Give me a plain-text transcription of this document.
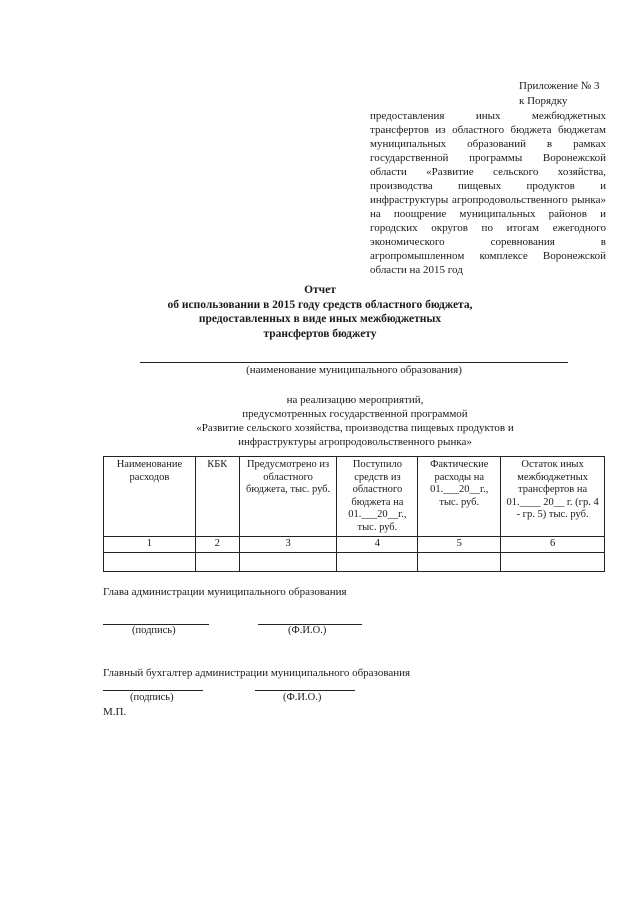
Приложение № 3
к Порядку
предоставления иных межбюджетных трансфертов из областного бюджета бюджетам муниципальных образований в рамках государственной программы Воронежской области «Развитие сельского хозяйства, производства пищевых продуктов и инфраструктуры агропродовольственного рынка» на поощрение муниципальных районов и городских округов по итогам ежегодного экономического соревнования в агропромышленном комплексе Воронежской области на 2015 год
Отчет
об использовании в 2015 году средств областного бюджета,
предоставленных в виде иных межбюджетных
трансфертов бюджету
(наименование муниципального образования)
на реализацию мероприятий,
предусмотренных государственной программой
«Развитие сельского хозяйства, производства пищевых продуктов и
инфраструктуры агропродовольственного рынка»
Наименование расходов	КБК	Предусмотрено из областного бюджета, тыс. руб.	Поступило средств из областного бюджета на 01.___20__г., тыс. руб.	Фактические расходы на 01.___20__г., тыс. руб.	Остаток иных межбюджетных трансфертов на 01.____ 20__ г. (гр. 4 - гр. 5) тыс. руб.
1	2	3	4	5	6

Глава администрации муниципального образования
(подпись)	(Ф.И.О.)
Главный бухгалтер администрации муниципального образования
(подпись)	(Ф.И.О.)
М.П.
